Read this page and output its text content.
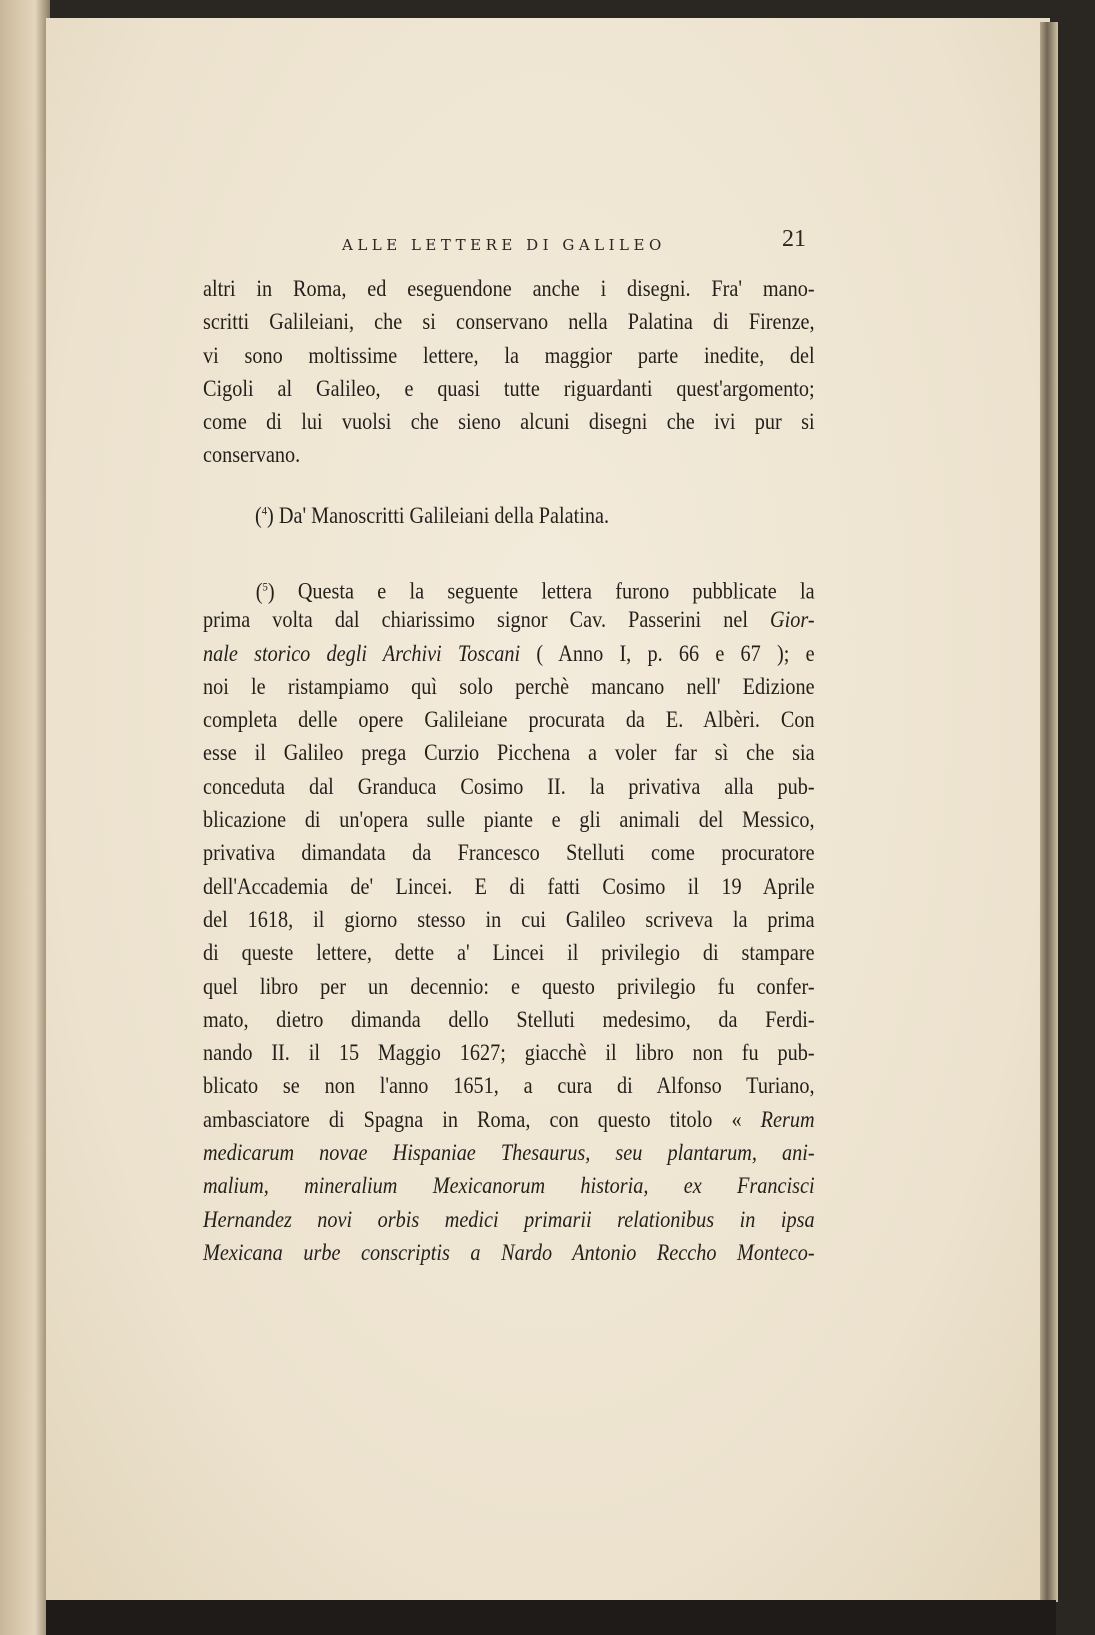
ALLE LETTERE DI GALILEO	21
altri in Roma, ed eseguendone anche i disegni. Fra' mano-
scritti Galileiani, che si conservano nella Palatina di Firenze,
vi sono moltissime lettere, la maggior parte inedite, del
Cigoli al Galileo, e quasi tutte riguardanti quest'argomento;
come di lui vuolsi che sieno alcuni disegni che ivi pur si
conservano.
($^4$) Da' Manoscritti Galileiani della Palatina.
($^5$) Questa e la seguente lettera furono pubblicate la
prima volta dal chiarissimo signor Cav. Passerini nel Gior-
nale storico degli Archivi Toscani ( Anno I, p. 66 e 67 ); e
noi le ristampiamo quì solo perchè mancano nell' Edizione
completa delle opere Galileiane procurata da E. Albèri. Con
esse il Galileo prega Curzio Picchena a voler far sì che sia
conceduta dal Granduca Cosimo II. la privativa alla pub-
blicazione di un'opera sulle piante e gli animali del Messico,
privativa dimandata da Francesco Stelluti come procuratore
dell'Accademia de' Lincei. E di fatti Cosimo il 19 Aprile
del 1618, il giorno stesso in cui Galileo scriveva la prima
di queste lettere, dette a' Lincei il privilegio di stampare
quel libro per un decennio: e questo privilegio fu confer-
mato, dietro dimanda dello Stelluti medesimo, da Ferdi-
nando II. il 15 Maggio 1627; giacchè il libro non fu pub-
blicato se non l'anno 1651, a cura di Alfonso Turiano,
ambasciatore di Spagna in Roma, con questo titolo « Rerum
medicarum novae Hispaniae Thesaurus, seu plantarum, ani-
malium, mineralium Mexicanorum historia, ex Francisci
Hernandez novi orbis medici primarii relationibus in ipsa
Mexicana urbe conscriptis a Nardo Antonio Reccho Monteco-
